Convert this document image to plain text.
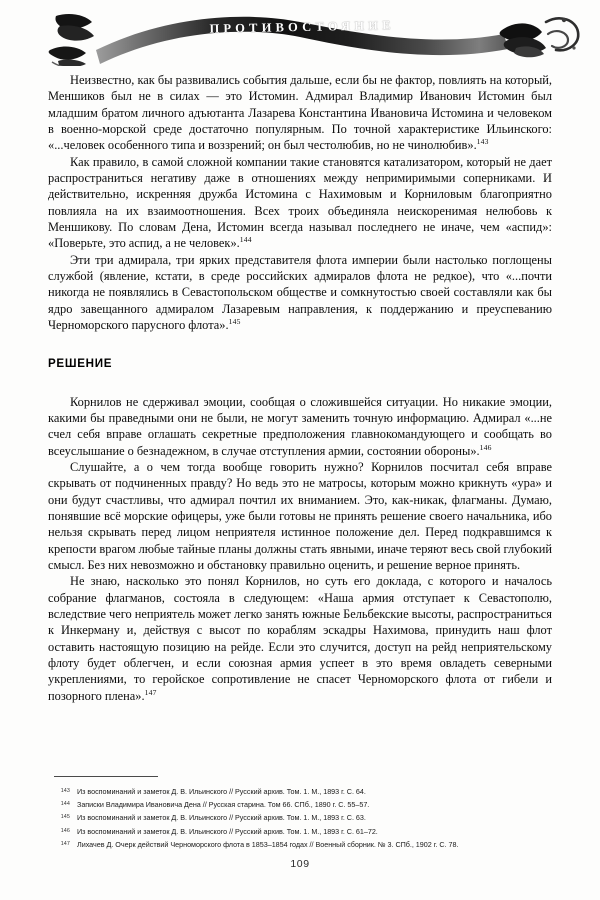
ПРОТИВОСТОЯНИЕ

Неизвестно, как бы развивались события дальше, если бы не фактор, повлиять на который, Меншиков был не в силах — это Истомин. Адмирал Владимир Иванович Истомин был младшим братом личного адъютанта Лазарева Константина Ивановича Истомина и человеком в военно-морской среде достаточно популярным. По точной характеристике Ильинского: «...человек особенного типа и воззрений; он был честолюбив, но не чинолюбив».$^{143}$

Как правило, в самой сложной компании такие становятся катализатором, который не дает распространиться негативу даже в отношениях между непримиримыми соперниками. И действительно, искренняя дружба Истомина с Нахимовым и Корниловым благоприятно повлияла на их взаимоотношения. Всех троих объединяла неискоренимая нелюбовь к Меншикову. По словам Дена, Истомин всегда называл последнего не иначе, чем «аспид»: «Поверьте, это аспид, а не человек».$^{144}$

Эти три адмирала, три ярких представителя флота империи были настолько поглощены службой (явление, кстати, в среде российских адмиралов флота не редкое), что «...почти никогда не появлялись в Севастопольском обществе и сомкнутостью своей составляли как бы ядро завещанного адмиралом Лазаревым направления, к поддержанию и преуспеванию Черноморского парусного флота».$^{145}$

РЕШЕНИЕ

Корнилов не сдерживал эмоции, сообщая о сложившейся ситуации. Но никакие эмоции, какими бы праведными они не были, не могут заменить точную информацию. Адмирал «...не счел себя вправе оглашать секретные предположения главнокомандующего и сообщать во всеуслышание о безнадежном, в случае отступления армии, состоянии обороны».$^{146}$

Слушайте, а о чем тогда вообще говорить нужно? Корнилов посчитал себя вправе скрывать от подчиненных правду? Но ведь это не матросы, которым можно крикнуть «ура» и они будут счастливы, что адмирал почтил их вниманием. Это, как-никак, флагманы. Думаю, понявшие всё морские офицеры, уже были готовы не принять решение своего начальника, ибо нельзя скрывать перед лицом неприятеля истинное положение дел. Перед подкравшимся к крепости врагом любые тайные планы должны стать явными, иначе теряют весь свой глубокий смысл. Без них невозможно и обстановку правильно оценить, и решение верное принять.

Не знаю, насколько это понял Корнилов, но суть его доклада, с которого и началось собрание флагманов, состояла в следующем: «Наша армия отступает к Севастополю, вследствие чего неприятель может легко занять южные Бельбекские высоты, распространиться к Инкерману и, действуя с высот по кораблям эскадры Нахимова, принудить наш флот оставить настоящую позицию на рейде. Если это случится, доступ на рейд неприятельскому флоту будет облегчен, и если союзная армия успеет в это время овладеть северными укреплениями, то геройское сопротивление не спасет Черноморского флота от гибели и позорного плена».$^{147}$

143 Из воспоминаний и заметок Д. В. Ильинского // Русский архив. Том. 1. М., 1893 г. С. 64.
144 Записки Владимира Ивановича Дена // Русская старина. Том 66. СПб., 1890 г. С. 55–57.
145 Из воспоминаний и заметок Д. В. Ильинского // Русский архив. Том. 1. М., 1893 г. С. 63.
146 Из воспоминаний и заметок Д. В. Ильинского // Русский архив. Том. 1. М., 1893 г. С. 61–72.
147 Лихачев Д. Очерк действий Черноморского флота в 1853–1854 годах // Военный сборник. № 3. СПб., 1902 г. С. 78.
109
